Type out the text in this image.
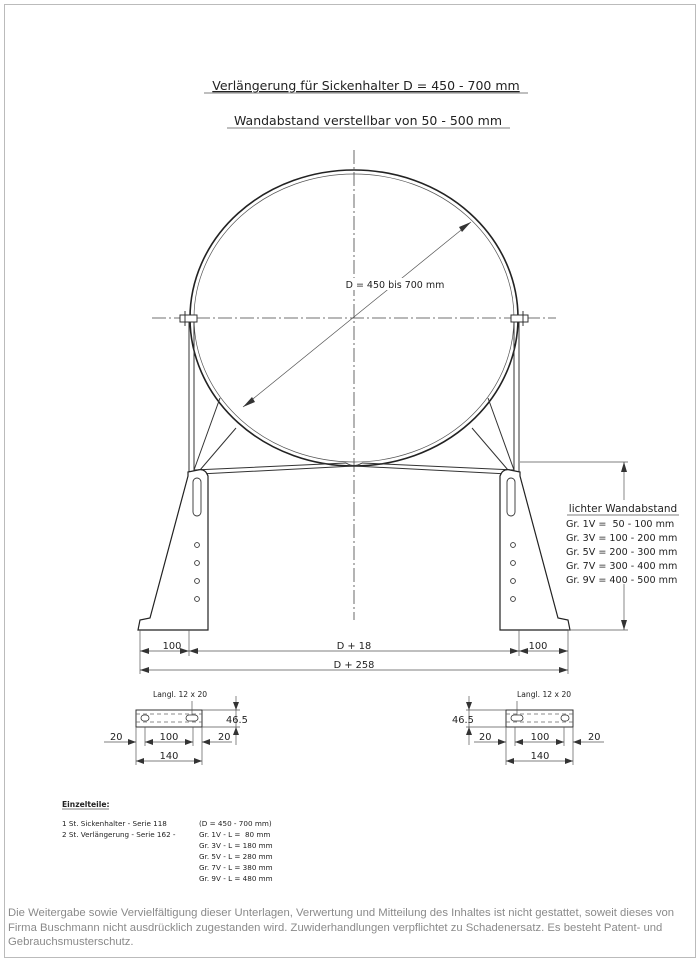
Verlängerung für Sickenhalter D = 450 - 700 mm
Wandabstand verstellbar von 50 - 500 mm
D = 450 bis 700 mm
lichter Wandabstand
Gr. 1V =  50 - 100 mm
Gr. 3V = 100 - 200 mm
Gr. 5V = 200 - 300 mm
Gr. 7V = 300 - 400 mm
Gr. 9V = 400 - 500 mm
100	D + 18	100
D + 258
Langl. 12 x 20
46.5
20	100	20
140
Langl. 12 x 20
46.5
20	100	20
140
Einzelteile:
1 St. Sickenhalter - Serie 118	(D = 450 - 700 mm)
2 St. Verlängerung - Serie 162 -	Gr. 1V - L =  80 mm
Gr. 3V - L = 180 mm
Gr. 5V - L = 280 mm
Gr. 7V - L = 380 mm
Gr. 9V - L = 480 mm
Die Weitergabe sowie Vervielfältigung dieser Unterlagen, Verwertung und Mitteilung des Inhaltes ist nicht gestattet, soweit dieses von Firma Buschmann nicht ausdrücklich zugestanden wird. Zuwiderhandlungen verpflichtet zu Schadenersatz. Es besteht Patent- und Gebrauchsmusterschutz.
